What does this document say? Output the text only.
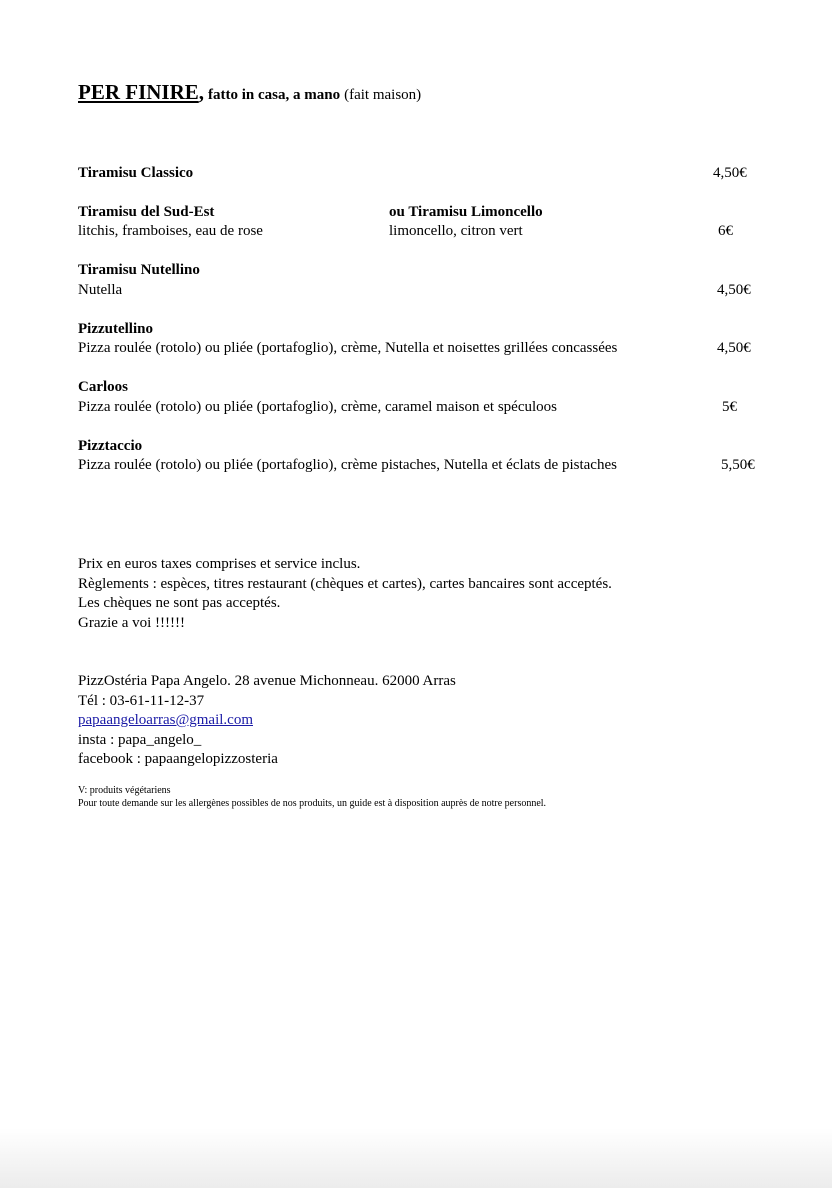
PER FINIRE, fatto in casa, a mano (fait maison)
Tiramisu Classico	4,50€
Tiramisu del Sud-Est
litchis, framboises, eau de rose
ou Tiramisu Limoncello
limoncello, citron vert	6€
Tiramisu Nutellino
Nutella	4,50€
Pizzutellino
Pizza roulée (rotolo) ou pliée (portafoglio), crème, Nutella et noisettes grillées concassées	4,50€
Carloos
Pizza roulée (rotolo) ou pliée (portafoglio), crème, caramel maison et spéculoos	5€
Pizztaccio
Pizza roulée (rotolo) ou pliée (portafoglio), crème pistaches, Nutella et éclats de pistaches	5,50€
Prix en euros taxes comprises et service inclus.
Règlements : espèces, titres restaurant (chèques et cartes), cartes bancaires sont acceptés.
Les chèques ne sont pas acceptés.
Grazie a voi !!!!!!
PizzOstéria Papa Angelo. 28 avenue Michonneau. 62000 Arras
Tél : 03-61-11-12-37
papaangeloarras@gmail.com
insta : papa_angelo_
facebook : papaangelopizzosteria
V: produits végétariens
Pour toute demande sur les allergènes possibles de nos produits, un guide est à disposition auprès de notre personnel.
